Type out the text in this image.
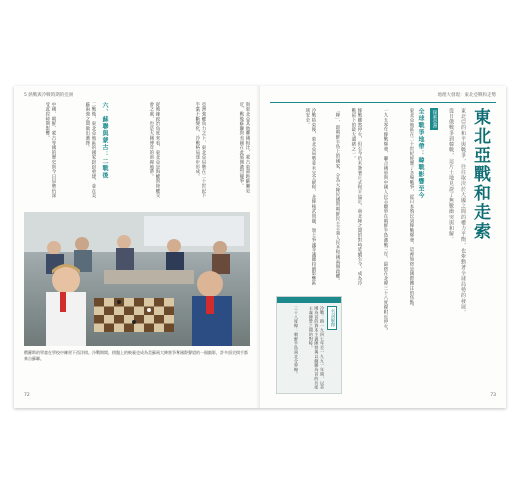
5 熱戰與冷戰時期的亞洲
與東北亞其他鄰國相比，蒙古東部距蘇聯更近，戰後蘇聯與美國在此展開激烈競爭。
亞洲強權角力之下，東北亞局勢在二十世紀下半葉不斷變化，冷戰格局逐步形成。
從地緣政治角度來看，東北亞是海權與陸權交會之處，也是大國博弈的前線地帶。
六、蘇聯與蒙古：二戰後
二戰後，東北亞地區的國家紛紛重建，並在美蘇兩強之間做出選擇。
中國、朝鮮、蒙古等國的歷史與今日局勢仍深受此段時期影響。
俄羅斯的學童在學校中練習下西洋棋。冷戰期間，棋盤上的較量也成為美蘇兩大陣營爭奪國際聲望的一個縮影，許多頂尖棋手都來自蘇聯。
72
地理大發現：東北亞戰和走勢
東北亞戰和走索
東北亞的和平與戰爭，往往取決於大國之間的權力平衡，也牽動著全球局勢的發展。
從日俄戰爭到韓戰，這片土地見證了無數衝突與和解。
探索亞洲
全球戰爭地帶：韓戰影響至今
東北亞地區在二十世紀經歷了多場戰爭，從日本殖民到韓戰爆發，這裡始終是國際關注的焦點。
一九五零年韓戰爆發，聯合國軍與中國人民志願軍在朝鮮半島激戰三年，最終在北緯三十八度線附近停火。
韓戰雖然停火，但至今仍未簽署正式和平協定，南北韓之間的對峙延續至今，成為冷戰留下的最大遺緒之一。
「韓」，即朝鮮半島上的國家，分為大韓民國與朝鮮民主主義人民共和國兩個政權。
冷戰結束後，東北亞局勢並未完全緩和，北韓核武問題、領土爭議等議題持續影響區域安全。
名詞解釋
冷戰：指一九四七年至一九九一年間，以美國為首的資本主義陣營與以蘇聯為首的共產主義陣營之間的對峙。
三十八度線：朝鮮半島南北分界線。
73
